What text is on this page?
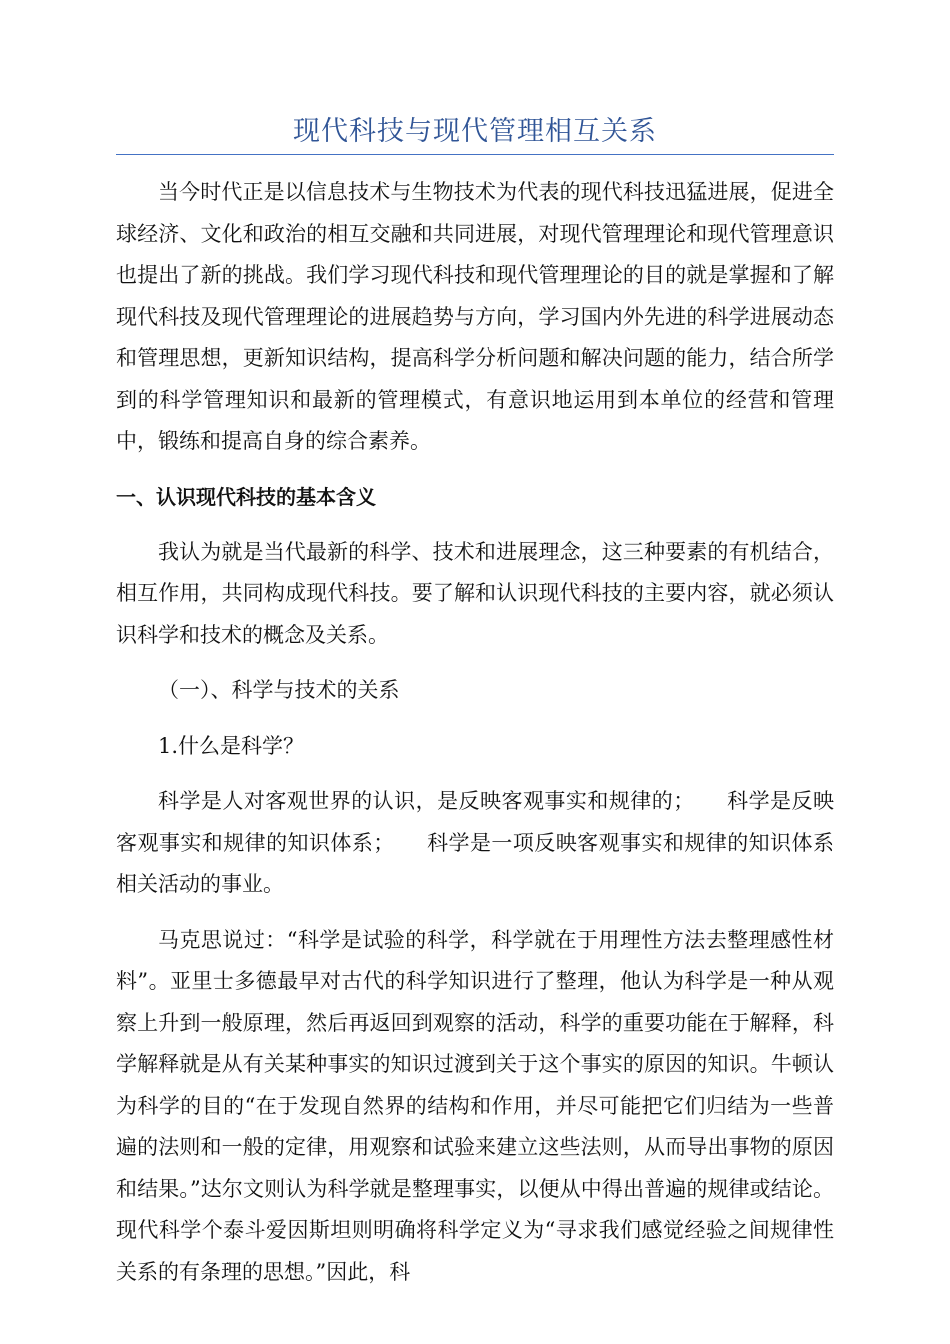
现代科技与现代管理相互关系

当今时代正是以信息技术与生物技术为代表的现代科技迅猛进展，促进全球经济、文化和政治的相互交融和共同进展，对现代管理理论和现代管理意识也提出了新的挑战。我们学习现代科技和现代管理理论的目的就是掌握和了解现代科技及现代管理理论的进展趋势与方向，学习国内外先进的科学进展动态和管理思想，更新知识结构，提高科学分析问题和解决问题的能力，结合所学到的科学管理知识和最新的管理模式，有意识地运用到本单位的经营和管理中，锻练和提高自身的综合素养。

一、认识现代科技的基本含义

我认为就是当代最新的科学、技术和进展理念，这三种要素的有机结合，相互作用，共同构成现代科技。要了解和认识现代科技的主要内容，就必须认识科学和技术的概念及关系。

（一）、科学与技术的关系
1.什么是科学？

科学是人对客观世界的认识，是反映客观事实和规律的；　　科学是反映客观事实和规律的知识体系；　　科学是一项反映客观事实和规律的知识体系相关活动的事业。

马克思说过：“科学是试验的科学，科学就在于用理性方法去整理感性材料”。亚里士多德最早对古代的科学知识进行了整理，他认为科学是一种从观察上升到一般原理，然后再返回到观察的活动，科学的重要功能在于解释，科学解释就是从有关某种事实的知识过渡到关于这个事实的原因的知识。牛顿认为科学的目的“在于发现自然界的结构和作用，并尽可能把它们归结为一些普遍的法则和一般的定律，用观察和试验来建立这些法则，从而导出事物的原因和结果。”达尔文则认为科学就是整理事实，以便从中得出普遍的规律或结论。现代科学个泰斗爱因斯坦则明确将科学定义为“寻求我们感觉经验之间规律性关系的有条理的思想。”因此，科
